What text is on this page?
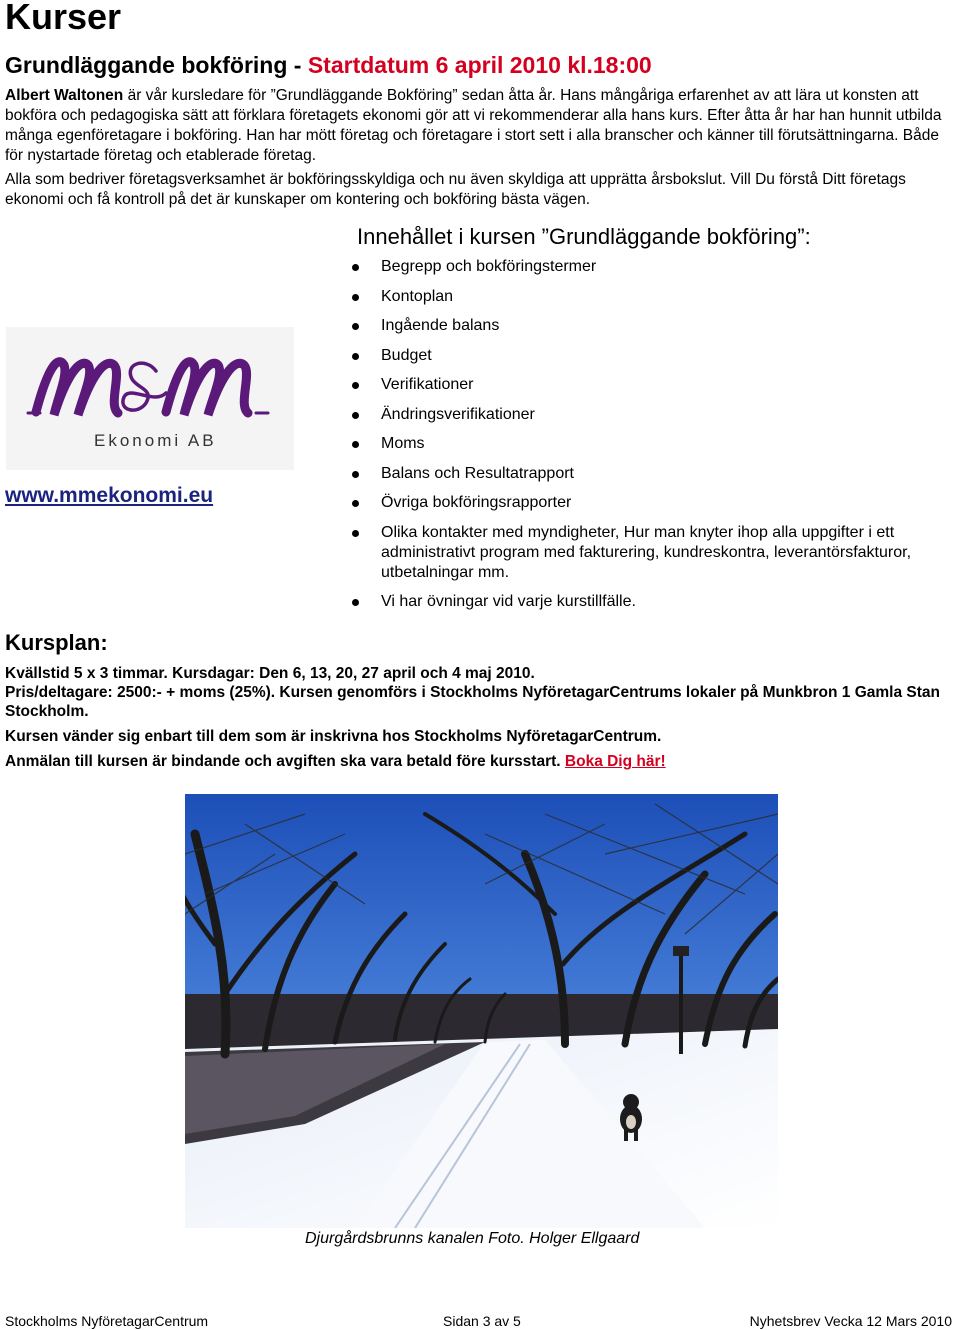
Kurser
Grundläggande bokföring - Startdatum 6 april 2010 kl.18:00

Albert Waltonen är vår kursledare för ”Grundläggande Bokföring” sedan åtta år. Hans mångåriga erfarenhet av att lära ut konsten att bokföra och pedagogiska sätt att förklara företagets ekonomi gör att vi rekommenderar alla hans kurs. Efter åtta år har han hunnit utbilda många egenföretagare i bokföring. Han har mött företag och företagare i stort sett i alla branscher och känner till förutsättningarna. Både för nystartade företag och etablerade företag.

Alla som bedriver företagsverksamhet är bokföringsskyldiga och nu även skyldiga att upprätta årsbokslut. Vill Du förstå Ditt företags ekonomi och få kontroll på det är kunskaper om kontering och bokföring bästa vägen.

Innehållet i kursen ”Grundläggande bokföring”:
Begrepp och bokföringstermer
Kontoplan
Ingående balans
Budget
Verifikationer
Ändringsverifikationer
Moms
Balans och Resultatrapport
Övriga bokföringsrapporter
Olika kontakter med myndigheter, Hur man knyter ihop alla uppgifter i ett administrativt program med fakturering, kundreskontra, leverantörsfakturor, utbetalningar mm.
Vi har övningar vid varje kurstillfälle.
Ekonomi AB
www.mmekonomi.eu
Kursplan:

Kvällstid 5 x 3 timmar. Kursdagar: Den 6, 13, 20, 27 april och 4 maj 2010.

Pris/deltagare: 2500:- + moms (25%). Kursen genomförs i Stockholms NyföretagarCentrums lokaler på Munkbron 1 Gamla Stan Stockholm.

Kursen vänder sig enbart till dem som är inskrivna hos Stockholms NyföretagarCentrum.

Anmälan till kursen är bindande och avgiften ska vara betald före kursstart. Boka Dig här!

Djurgårdsbrunns kanalen Foto. Holger Ellgaard
Stockholms NyföretagarCentrum	Sidan 3 av 5	Nyhetsbrev Vecka 12 Mars 2010
